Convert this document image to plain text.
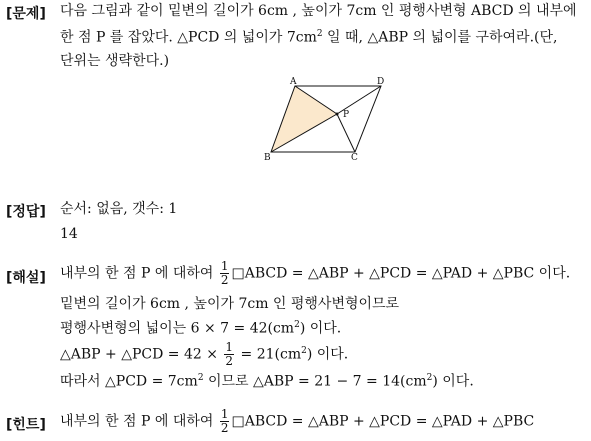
[문제] 다음 그림과 같이 밑변의 길이가 6cm , 높이가 7cm 인 평행사변형 ABCD 의 내부에
한 점 P 를 잡았다. △PCD 의 넓이가 $7cm^2$ 일 때, △ABP 의 넓이를 구하여라.(단,
단위는 생략한다.)
A	D
P
B	C
[정답] 순서: 없음, 갯수: 1
14
[해설] 내부의 한 점 P 에 대하여 $\frac{1}{2}$ □ABCD = △ABP + △PCD = △PAD + △PBC 이다.
밑변의 길이가 6cm , 높이가 7cm 인 평행사변형이므로
평행사변형의 넓이는 $6 \times 7 = 42(cm^2)$ 이다.
△ABP + △PCD = $42 \times \frac{1}{2} = 21(cm^2)$ 이다.
따라서 △PCD = $7cm^2$ 이므로 △ABP = $21 - 7 = 14(cm^2)$ 이다.
[힌트] 내부의 한 점 P 에 대하여 $\frac{1}{2}$ □ABCD = △ABP + △PCD = △PAD + △PBC
